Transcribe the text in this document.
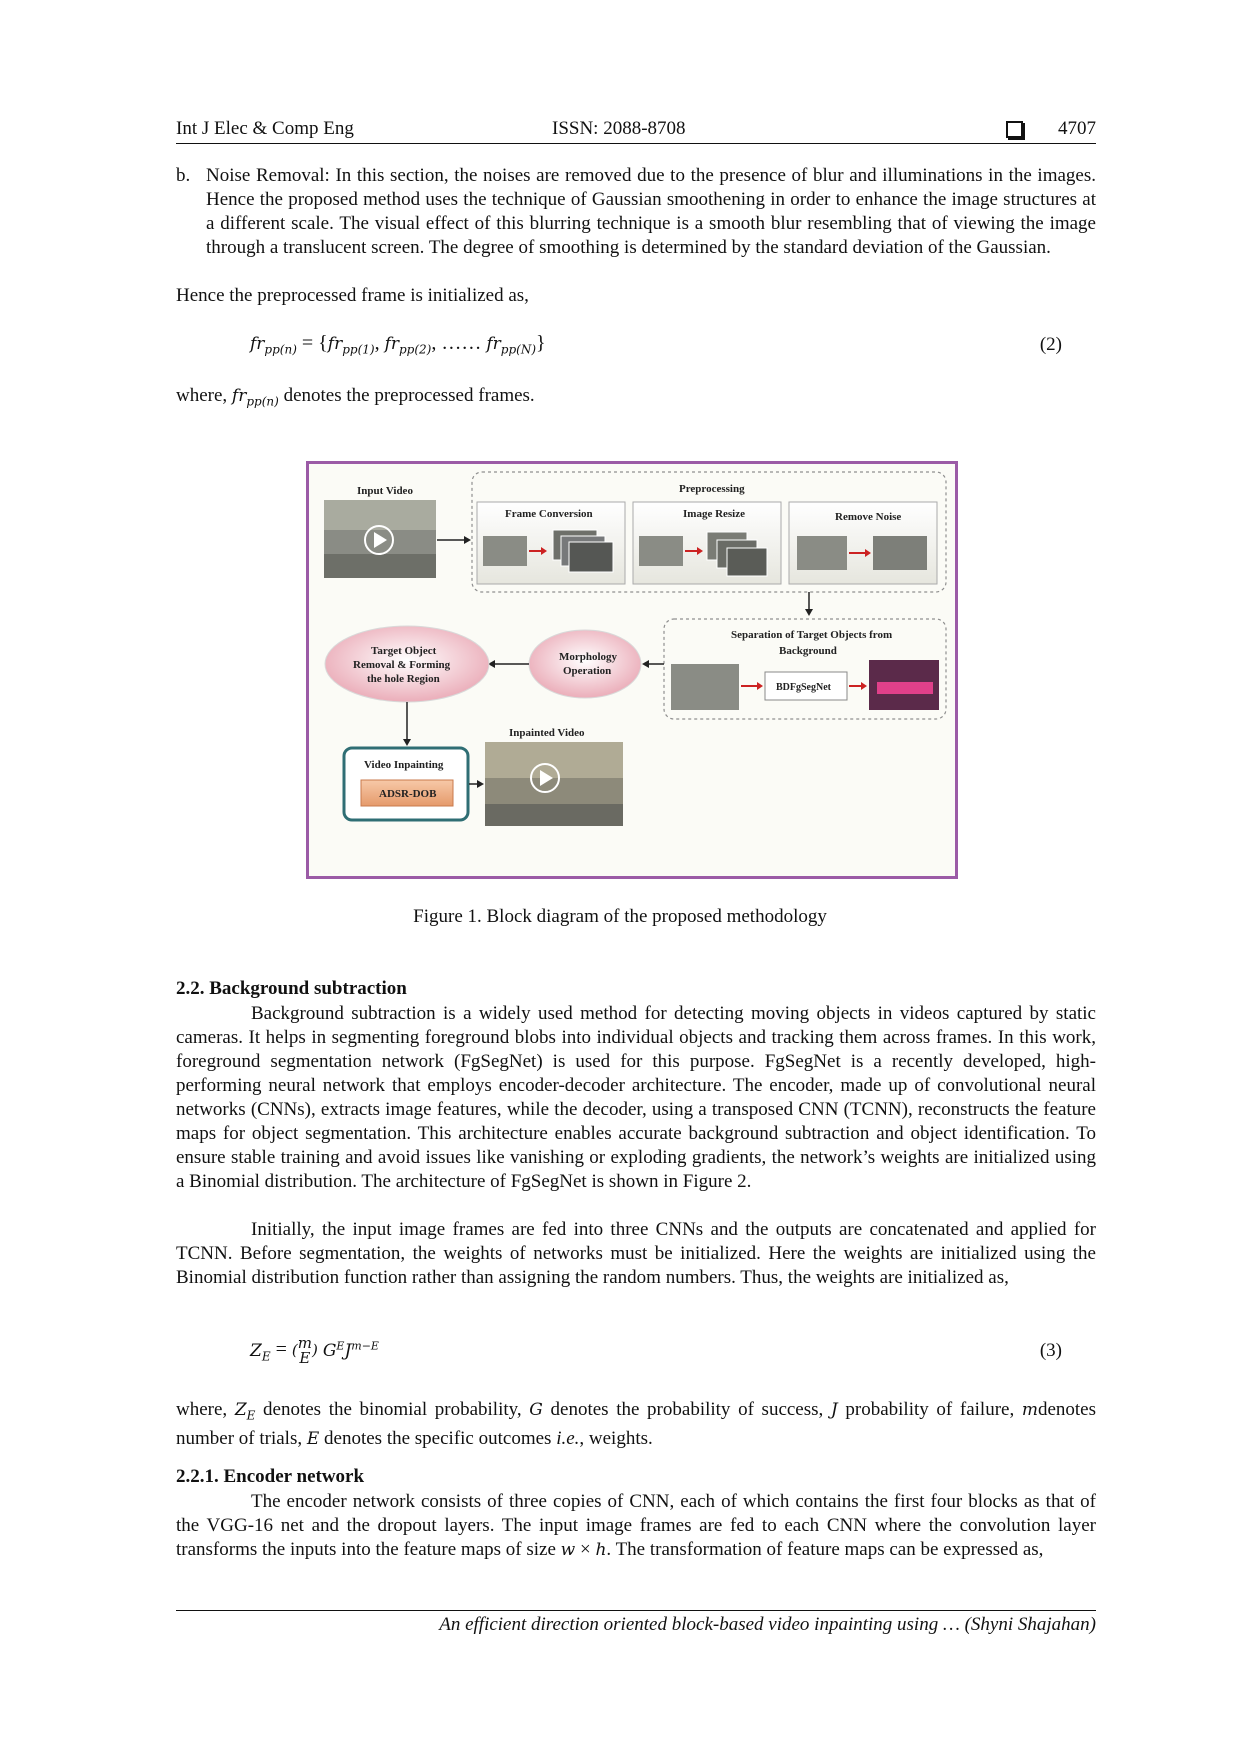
Int J Elec & Comp Eng	ISSN: 2088-8708	4707
b. Noise Removal: In this section, the noises are removed due to the presence of blur and illuminations in the images. Hence the proposed method uses the technique of Gaussian smoothening in order to enhance the image structures at a different scale. The visual effect of this blurring technique is a smooth blur resembling that of viewing the image through a translucent screen. The degree of smoothing is determined by the standard deviation of the Gaussian.
Hence the preprocessed frame is initialized as,
$fr_{pp(n)} = \{fr_{pp(1)}$, $fr_{pp(2)}$, …… $fr_{pp(N)}$}	(2)
where, $fr_{pp(n)}$ denotes the preprocessed frames.
Input Video	Preprocessing
Frame Conversion	Image Resize	Remove Noise
Separation of Target Objects from
Background
BDFgSegNet
Morphology
Operation
Target Object
Removal & Forming
the hole Region
Video Inpainting
ADSR-DOB
Inpainted Video
Figure 1. Block diagram of the proposed methodology
2.2. Background subtraction
Background subtraction is a widely used method for detecting moving objects in videos captured by static cameras. It helps in segmenting foreground blobs into individual objects and tracking them across frames. In this work, foreground segmentation network (FgSegNet) is used for this purpose. FgSegNet is a recently developed, high-performing neural network that employs encoder-decoder architecture. The encoder, made up of convolutional neural networks (CNNs), extracts image features, while the decoder, using a transposed CNN (TCNN), reconstructs the feature maps for object segmentation. This architecture enables accurate background subtraction and object identification. To ensure stable training and avoid issues like vanishing or exploding gradients, the network’s weights are initialized using a Binomial distribution. The architecture of FgSegNet is shown in Figure 2.
Initially, the input image frames are fed into three CNNs and the outputs are concatenated and applied for TCNN. Before segmentation, the weights of networks must be initialized. Here the weights are initialized using the Binomial distribution function rather than assigning the random numbers. Thus, the weights are initialized as,
$Z_E = (m$
E ) $G^EJ^{m-E}$	(3)
where, $Z_E$ denotes the binomial probability, G denotes the probability of success, J probability of failure, mdenotes number of trials, E denotes the specific outcomes i.e., weights.
2.2.1. Encoder network
The encoder network consists of three copies of CNN, each of which contains the first four blocks as that of the VGG-16 net and the dropout layers. The input image frames are fed to each CNN where the convolution layer transforms the inputs into the feature maps of size w × h. The transformation of feature maps can be expressed as,
An efficient direction oriented block-based video inpainting using … (Shyni Shajahan)
